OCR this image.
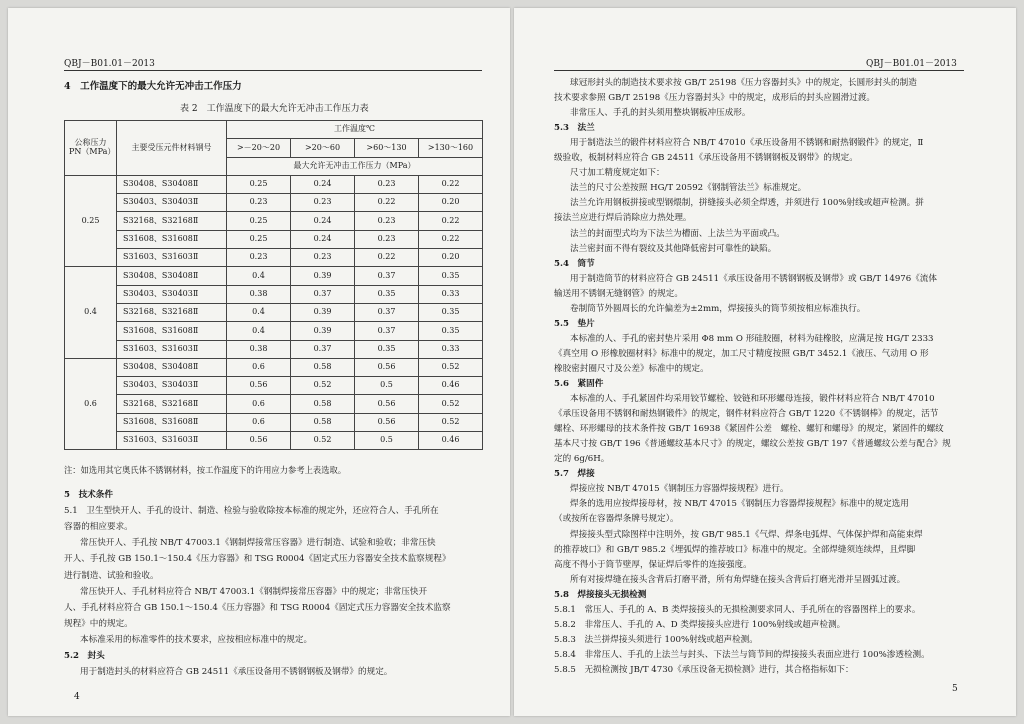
QBJ－B01.01－2013
4　工作温度下的最大允许无冲击工作压力
表 2　工作温度下的最大允许无冲击工作压力表
公称压力 PN（MPa）	主要受压元件材料钢号	工作温度℃			
		>－20～20	>20～60	>60～130	>130～160
		最大允许无冲击工作压力（MPa）			
0.25	S30408、S30408Ⅱ	0.25	0.24	0.23	0.22
	S30403、S30403Ⅱ	0.23	0.23	0.22	0.20
	S32168、S32168Ⅱ	0.25	0.24	0.23	0.22
	S31608、S31608Ⅱ	0.25	0.24	0.23	0.22
	S31603、S31603Ⅱ	0.23	0.23	0.22	0.20
0.4	S30408、S30408Ⅱ	0.4	0.39	0.37	0.35
	S30403、S30403Ⅱ	0.38	0.37	0.35	0.33
	S32168、S32168Ⅱ	0.4	0.39	0.37	0.35
	S31608、S31608Ⅱ	0.4	0.39	0.37	0.35
	S31603、S31603Ⅱ	0.38	0.37	0.35	0.33
0.6	S30408、S30408Ⅱ	0.6	0.58	0.56	0.52
	S30403、S30403Ⅱ	0.56	0.52	0.5	0.46
	S32168、S32168Ⅱ	0.6	0.58	0.56	0.52
	S31608、S31608Ⅱ	0.6	0.58	0.56	0.52
	S31603、S31603Ⅱ	0.56	0.52	0.5	0.46
注：如选用其它奥氏体不锈钢材料，按工作温度下的许用应力参考上表选取。
4
5　技术条件
5.1　卫生型快开人、手孔的设计、制造、检验与验收除按本标准的规定外，还应符合人、手孔所在
容器的相应要求。
常压快开人、手孔按 NB/T 47003.1《钢制焊接常压容器》进行制造、试验和验收；非常压快
开人、手孔按 GB 150.1～150.4《压力容器》和 TSG R0004《固定式压力容器安全技术监察规程》
进行制造、试验和验收。
常压快开人、手孔材料应符合 NB/T 47003.1《钢制焊接常压容器》中的规定；非常压快开
人、手孔材料应符合 GB 150.1～150.4《压力容器》和 TSG R0004《固定式压力容器安全技术监察
规程》中的规定。
本标准采用的标准零件的技术要求，应按相应标准中的规定。
5.2　封头
用于制造封头的材料应符合 GB 24511《承压设备用不锈钢钢板及钢带》的规定。
QBJ－B01.01－2013
5
球冠形封头的制造技术要求按 GB/T 25198《压力容器封头》中的规定，长圆形封头的制造
技术要求参照 GB/T 25198《压力容器封头》中的规定，成形后的封头应圆滑过渡。
非常压人、手孔的封头须用整块钢板冲压成形。
5.3　法兰
用于制造法兰的锻件材料应符合 NB/T 47010《承压设备用不锈钢和耐热钢锻件》的规定，Ⅱ
级验收，板制材料应符合 GB 24511《承压设备用不锈钢钢板及钢带》的规定。
尺寸加工精度规定如下：
法兰的尺寸公差按照 HG/T 20592《钢制管法兰》标准规定。
法兰允许用钢板拼接或型钢煨制，拼缝接头必须全焊透，并须进行 100%射线或超声检测。拼
接法兰应进行焊后消除应力热处理。
法兰的封面型式均为下法兰为槽面、上法兰为平面或凸。
法兰密封面不得有裂纹及其他降低密封可靠性的缺陷。
5.4　筒节
用于制造筒节的材料应符合 GB 24511《承压设备用不锈钢钢板及钢带》或 GB/T 14976《流体
输送用不锈钢无缝钢管》的规定。
卷制筒节外圆周长的允许偏差为±2mm，焊接接头的筒节须按相应标准执行。
5.5　垫片
本标准的人、手孔的密封垫片采用 Φ8 mm O 形硅胶圈，材料为硅橡胶，应满足按 HG/T 2333
《真空用 O 形橡胶圈材料》标准中的规定，加工尺寸精度按照 GB/T 3452.1《液压、气动用 O 形
橡胶密封圈尺寸及公差》标准中的规定。
5.6　紧固件
本标准的人、手孔紧固件均采用铰节螺栓、铰链和环形螺母连接，锻件材料应符合 NB/T 47010
《承压设备用不锈钢和耐热钢锻件》的规定，钢件材料应符合 GB/T 1220《不锈钢棒》的规定，活节
螺栓、环形螺母的技术条件按 GB/T 16938《紧固件公差　螺栓、螺钉和螺母》的规定，紧固件的螺纹
基本尺寸按 GB/T 196《普通螺纹基本尺寸》的规定，螺纹公差按 GB/T 197《普通螺纹公差与配合》规
定的 6g/6H。
5.7　焊接
焊接应按 NB/T 47015《钢制压力容器焊接规程》进行。
焊条的选用应按焊接母材，按 NB/T 47015《钢制压力容器焊接规程》标准中的规定选用
（或按所在容器焊条牌号规定）。
焊接接头型式除图样中注明外，按 GB/T 985.1《气焊、焊条电弧焊、气体保护焊和高能束焊
的推荐坡口》和 GB/T 985.2《埋弧焊的推荐坡口》标准中的规定。全部焊缝须连续焊，且焊脚
高度不得小于筒节壁厚，保证焊后零件的连接强度。
所有对接焊缝在接头含背后打磨平滑，所有角焊缝在接头含背后打磨光滑并呈圆弧过渡。
5.8　焊接接头无损检测
5.8.1　常压人、手孔的 A、B 类焊接接头的无损检测要求同人、手孔所在的容器图样上的要求。
5.8.2　非常压人、手孔的 A、D 类焊接接头应进行 100%射线或超声检测。
5.8.3　法兰拼焊接头须进行 100%射线或超声检测。
5.8.4　非常压人、手孔的上法兰与封头、下法兰与筒节间的焊接接头表面应进行 100%渗透检测。
5.8.5　无损检测按 JB/T 4730《承压设备无损检测》进行，其合格指标如下：
